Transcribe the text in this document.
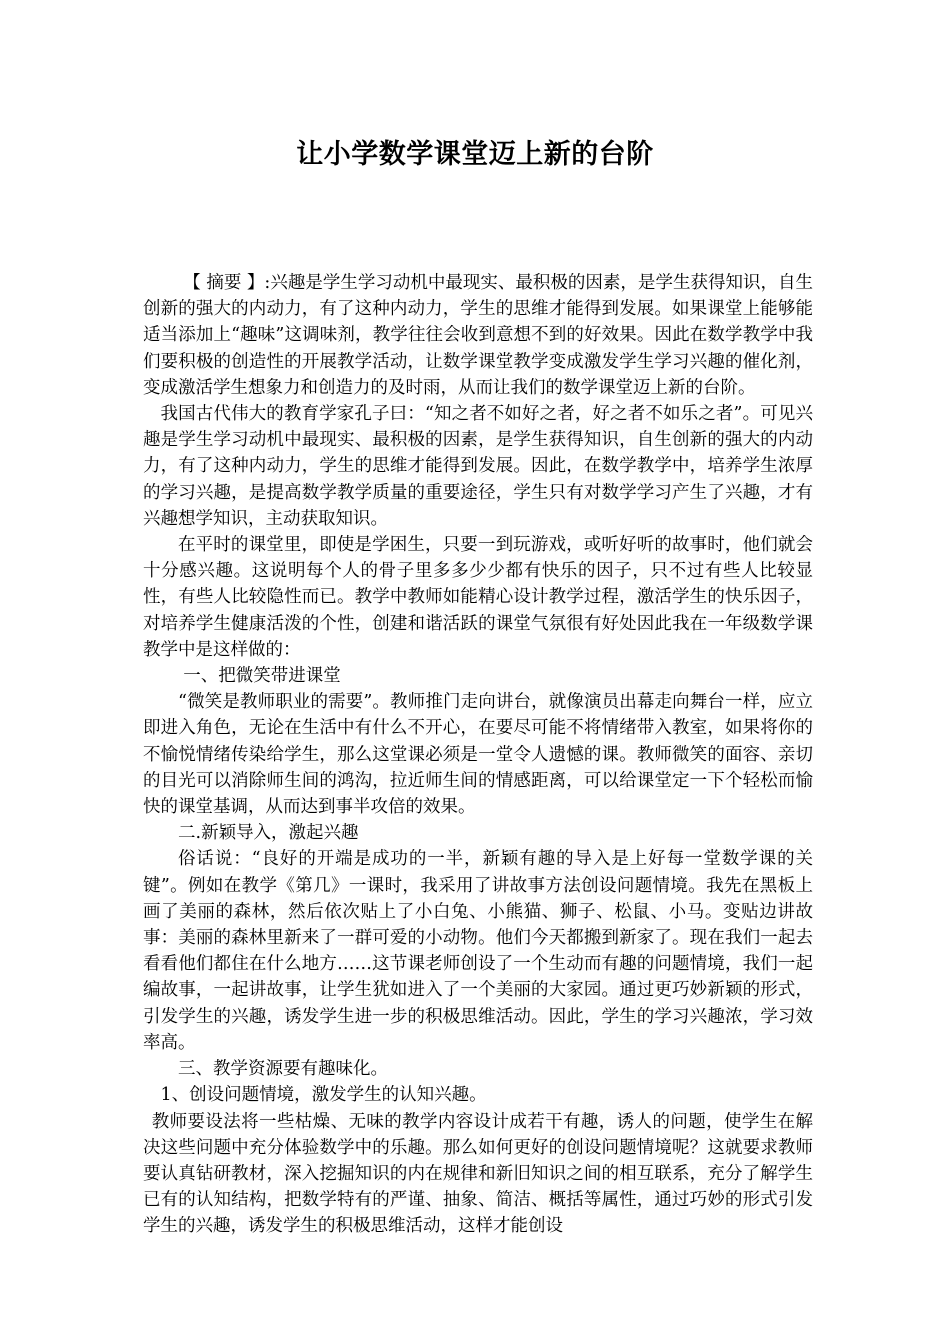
让小学数学课堂迈上新的台阶

【 摘要 】:兴趣是学生学习动机中最现实、最积极的因素，是学生获得知识，自生创新的强大的内动力，有了这种内动力，学生的思维才能得到发展。如果课堂上能够能适当添加上“趣味”这调味剂，教学往往会收到意想不到的好效果。因此在数学教学中我们要积极的创造性的开展教学活动，让数学课堂教学变成激发学生学习兴趣的催化剂，变成激活学生想象力和创造力的及时雨，从而让我们的数学课堂迈上新的台阶。

我国古代伟大的教育学家孔子曰：“知之者不如好之者，好之者不如乐之者”。可见兴趣是学生学习动机中最现实、最积极的因素，是学生获得知识，自生创新的强大的内动力，有了这种内动力，学生的思维才能得到发展。因此，在数学教学中，培养学生浓厚的学习兴趣，是提高数学教学质量的重要途径，学生只有对数学学习产生了兴趣，才有兴趣想学知识，主动获取知识。

在平时的课堂里，即使是学困生，只要一到玩游戏，或听好听的故事时，他们就会十分感兴趣。这说明每个人的骨子里多多少少都有快乐的因子，只不过有些人比较显性，有些人比较隐性而已。教学中教师如能精心设计教学过程，激活学生的快乐因子，对培养学生健康活泼的个性，创建和谐活跃的课堂气氛很有好处因此我在一年级数学课教学中是这样做的：

一、把微笑带进课堂

“微笑是教师职业的需要”。教师推门走向讲台，就像演员出幕走向舞台一样，应立即进入角色，无论在生活中有什么不开心，在要尽可能不将情绪带入教室，如果将你的不愉悦情绪传染给学生，那么这堂课必须是一堂令人遗憾的课。教师微笑的面容、亲切的目光可以消除师生间的鸿沟，拉近师生间的情感距离，可以给课堂定一下个轻松而愉快的课堂基调，从而达到事半攻倍的效果。

二.新颖导入，激起兴趣

俗话说：“良好的开端是成功的一半，新颖有趣的导入是上好每一堂数学课的关键”。例如在教学《第几》一课时，我采用了讲故事方法创设问题情境。我先在黑板上画了美丽的森林，然后依次贴上了小白兔、小熊猫、狮子、松鼠、小马。变贴边讲故事：美丽的森林里新来了一群可爱的小动物。他们今天都搬到新家了。现在我们一起去看看他们都住在什么地方……这节课老师创设了一个生动而有趣的问题情境，我们一起编故事，一起讲故事，让学生犹如进入了一个美丽的大家园。通过更巧妙新颖的形式，引发学生的兴趣，诱发学生进一步的积极思维活动。因此，学生的学习兴趣浓，学习效率高。

三、教学资源要有趣味化。

1、创设问题情境，激发学生的认知兴趣。

教师要设法将一些枯燥、无味的教学内容设计成若干有趣，诱人的问题，使学生在解决这些问题中充分体验数学中的乐趣。那么如何更好的创设问题情境呢？这就要求教师要认真钻研教材，深入挖掘知识的内在规律和新旧知识之间的相互联系，充分了解学生已有的认知结构，把数学特有的严谨、抽象、简洁、概括等属性，通过巧妙的形式引发学生的兴趣，诱发学生的积极思维活动，这样才能创设
